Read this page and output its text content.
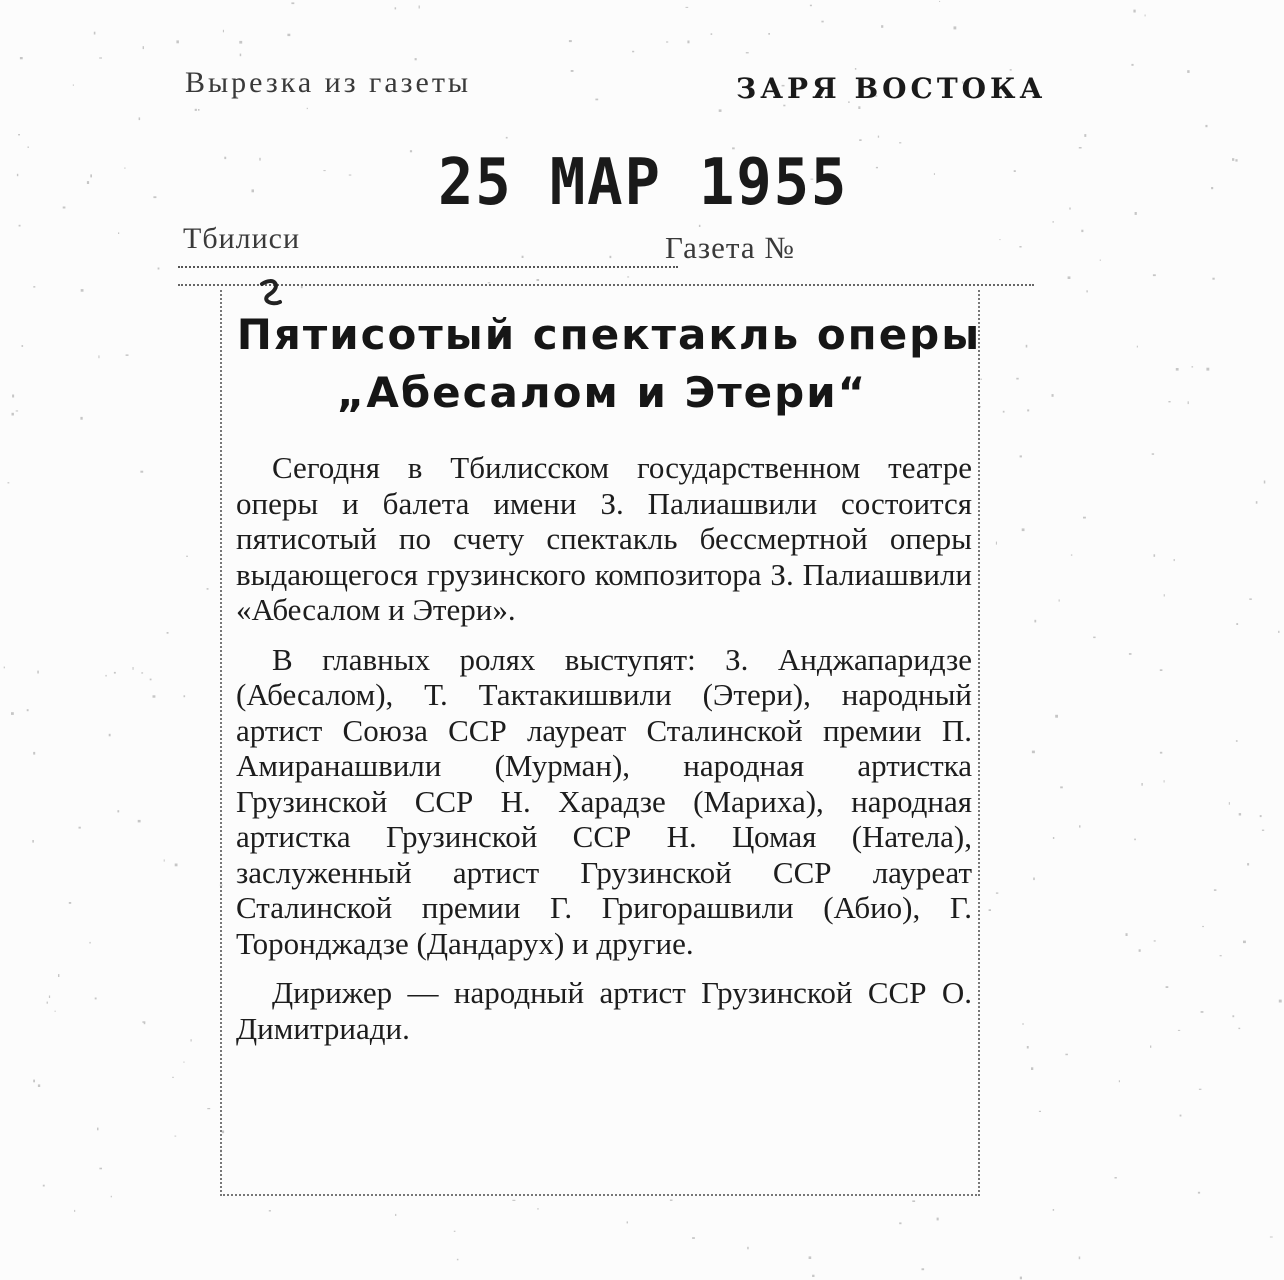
Вырезка из газеты	ЗАРЯ ВОСТОКА
25 МАР 1955
Тбилиси	Газета №
Пятисотый спектакль оперы
„Абесалом и Этери“

Сегодня в Тбилисском государственном театре оперы и балета имени З. Палиашвили состоится пятисотый по счету спектакль бессмертной оперы выдающегося грузинского композитора З. Палиашвили «Абесалом и Этери».

В главных ролях выступят: З. Анджапаридзе (Абесалом), Т. Тактакишвили (Этери), народный артист Союза ССР лауреат Сталинской премии П. Амиранашвили (Мурман), народная артистка Грузинской ССР Н. Харадзе (Мариха), народная артистка Грузинской ССР Н. Цомая (Натела), заслуженный артист Грузинской ССР лауреат Сталинской премии Г. Григорашвили (Абио), Г. Торонджадзе (Дандарух) и другие.

Дирижер — народный артист Грузинской ССР О. Димитриади.
